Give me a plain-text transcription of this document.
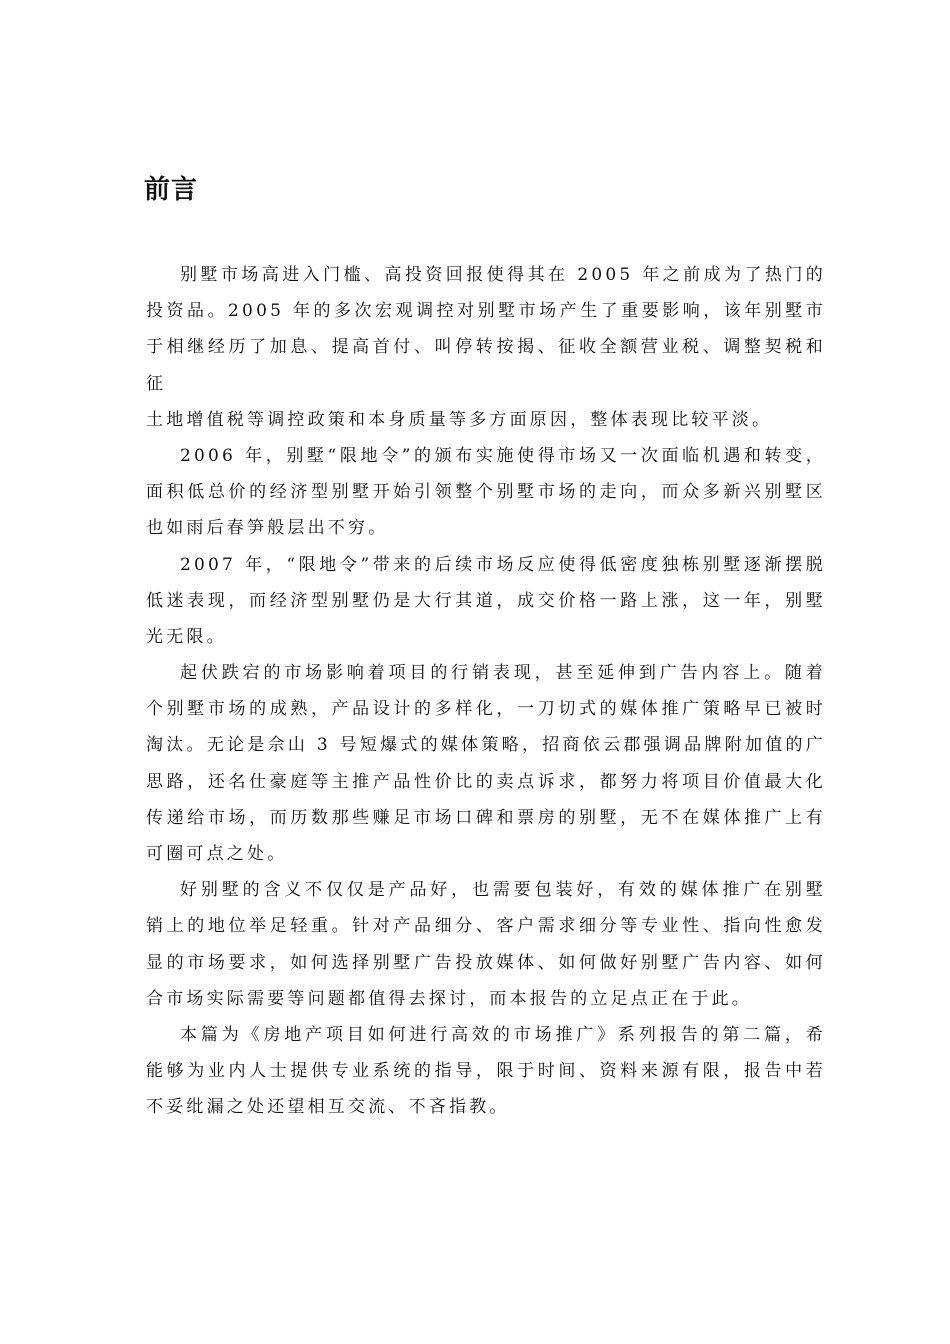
前言
别墅市场高进入门槛、高投资回报使得其在 2005 年之前成为了热门的
投资品。2005 年的多次宏观调控对别墅市场产生了重要影响，该年别墅市
于相继经历了加息、提高首付、叫停转按揭、征收全额营业税、调整契税和
征
土地增值税等调控政策和本身质量等多方面原因，整体表现比较平淡。
2006 年，别墅“限地令”的颁布实施使得市场又一次面临机遇和转变，
面积低总价的经济型别墅开始引领整个别墅市场的走向，而众多新兴别墅区
也如雨后春笋般层出不穷。
2007 年，“限地令”带来的后续市场反应使得低密度独栋别墅逐渐摆脱
低迷表现，而经济型别墅仍是大行其道，成交价格一路上涨，这一年，别墅
光无限。
起伏跌宕的市场影响着项目的行销表现，甚至延伸到广告内容上。随着
个别墅市场的成熟，产品设计的多样化，一刀切式的媒体推广策略早已被时
淘汰。无论是佘山 3 号短爆式的媒体策略，招商依云郡强调品牌附加值的广
思路，还名仕豪庭等主推产品性价比的卖点诉求，都努力将项目价值最大化
传递给市场，而历数那些赚足市场口碑和票房的别墅，无不在媒体推广上有
可圈可点之处。
好别墅的含义不仅仅是产品好，也需要包装好，有效的媒体推广在别墅
销上的地位举足轻重。针对产品细分、客户需求细分等专业性、指向性愈发
显的市场要求，如何选择别墅广告投放媒体、如何做好别墅广告内容、如何
合市场实际需要等问题都值得去探讨，而本报告的立足点正在于此。
本篇为《房地产项目如何进行高效的市场推广》系列报告的第二篇，希
能够为业内人士提供专业系统的指导，限于时间、资料来源有限，报告中若
不妥纰漏之处还望相互交流、不吝指教。
